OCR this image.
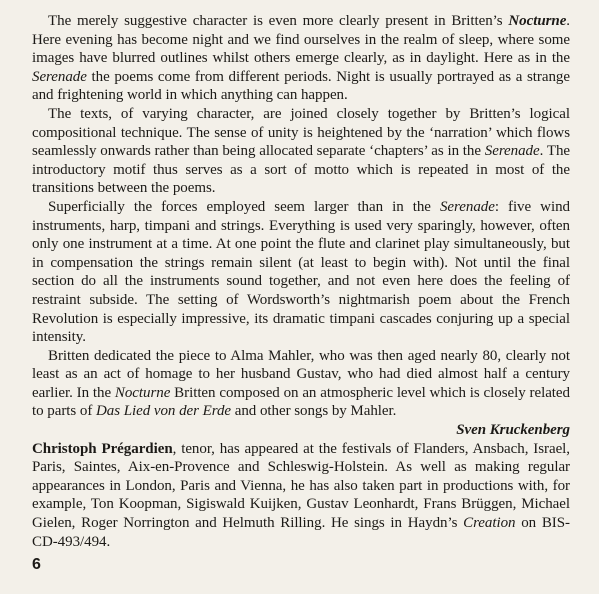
The merely suggestive character is even more clearly present in Britten’s Nocturne. Here evening has become night and we find ourselves in the realm of sleep, where some images have blurred outlines whilst others emerge clearly, as in daylight. Here as in the Serenade the poems come from different periods. Night is usually portrayed as a strange and frightening world in which anything can happen.

The texts, of varying character, are joined closely together by Britten’s logical compositional technique. The sense of unity is heightened by the ‘narration’ which flows seamlessly onwards rather than being allocated separate ‘chapters’ as in the Serenade. The introductory motif thus serves as a sort of motto which is repeated in most of the transitions between the poems.

Superficially the forces employed seem larger than in the Serenade: five wind instruments, harp, timpani and strings. Everything is used very sparingly, however, often only one instrument at a time. At one point the flute and clarinet play simultaneously, but in compensation the strings remain silent (at least to begin with). Not until the final section do all the instruments sound together, and not even here does the feeling of restraint subside. The setting of Wordsworth’s nightmarish poem about the French Revolution is especially impressive, its dramatic timpani cascades conjuring up a special intensity.

Britten dedicated the piece to Alma Mahler, who was then aged nearly 80, clearly not least as an act of homage to her husband Gustav, who had died almost half a century earlier. In the Nocturne Britten composed on an atmospheric level which is closely related to parts of Das Lied von der Erde and other songs by Mahler.

Sven Kruckenberg

Christoph Prégardien, tenor, has appeared at the festivals of Flanders, Ansbach, Israel, Paris, Saintes, Aix-en-Provence and Schleswig-Holstein. As well as making regular appearances in London, Paris and Vienna, he has also taken part in productions with, for example, Ton Koopman, Sigiswald Kuijken, Gustav Leonhardt, Frans Brüggen, Michael Gielen, Roger Norrington and Helmuth Rilling. He sings in Haydn’s Creation on BIS-CD-493/494.

6
